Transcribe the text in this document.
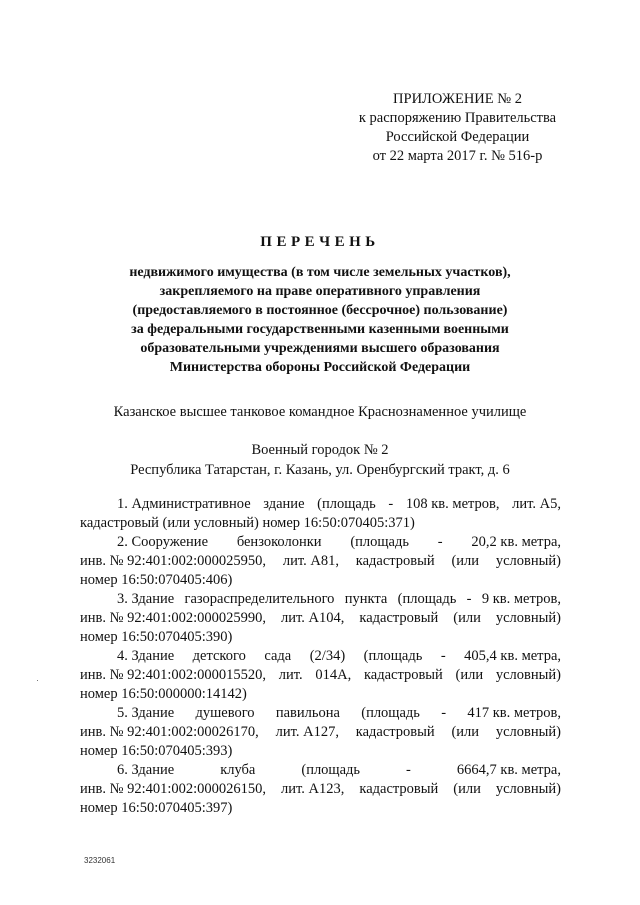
ПРИЛОЖЕНИЕ № 2
к распоряжению Правительства
Российской Федерации
от 22 марта 2017 г. № 516-р
ПЕРЕЧЕНЬ
недвижимого имущества (в том числе земельных участков),
закрепляемого на праве оперативного управления
(предоставляемого в постоянное (бессрочное) пользование)
за федеральными государственными казенными военными
образовательными учреждениями высшего образования
Министерства обороны Российской Федерации
Казанское высшее танковое командное Краснознаменное училище
Военный городок № 2
Республика Татарстан, г. Казань, ул. Оренбургский тракт, д. 6
1. Административное здание (площадь - 108 кв. метров, лит. А5,
кадастровый (или условный) номер 16:50:070405:371)
2. Сооружение бензоколонки (площадь - 20,2 кв. метра,
инв. № 92:401:002:000025950, лит. А81, кадастровый (или условный)
номер 16:50:070405:406)
3. Здание газораспределительного пункта (площадь - 9 кв. метров,
инв. № 92:401:002:000025990, лит. А104, кадастровый (или условный)
номер 16:50:070405:390)
4. Здание детского сада (2/34) (площадь - 405,4 кв. метра,
инв. № 92:401:002:000015520, лит. 014А, кадастровый (или условный)
номер 16:50:000000:14142)
5. Здание душевого павильона (площадь - 417 кв. метров,
инв. № 92:401:002:00026170, лит. А127, кадастровый (или условный)
номер 16:50:070405:393)
6. Здание	клуба	(площадь	-	6664,7 кв. метра,
инв. № 92:401:002:000026150, лит. А123, кадастровый (или условный)
номер 16:50:070405:397)
3232061
